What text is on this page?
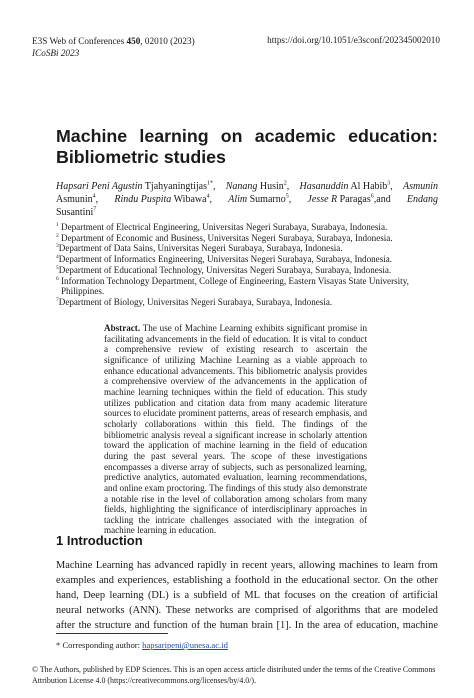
E3S Web of Conferences 450, 02010 (2023)
ICoSBi 2023
https://doi.org/10.1051/e3sconf/202345002010
Machine learning on academic education:
Bibliometric studies
Hapsari Peni Agustin Tjahyaningtijas$^{1*}$, Nanang Husin$^2$, Hasanuddin Al Habib$^3$, Asmunin
Asmunin$^4$, Rindu Puspita Wibawa$^4$, Alim Sumarno$^5$, Jesse R Paragas$^6$,and Endang
Susantini$^7$
$^1$ Department of Electrical Engineering, Universitas Negeri Surabaya, Surabaya, Indonesia.
$^2$ Department of Economic and Business, Universitas Negeri Surabaya, Surabaya, Indonesia.
$^3$Department of Data Sains, Universitas Negeri Surabaya, Surabaya, Indonesia.
$^4$Department of Informatics Engineering, Universitas Negeri Surabaya, Surabaya, Indonesia.
$^5$Department of Educational Technology, Universitas Negeri Surabaya, Surabaya, Indonesia.
$^6$ Information Technology Department, College of Engineering, Eastern Visayas State University,
Philippines.
$^7$Department of Biology, Universitas Negeri Surabaya, Surabaya, Indonesia.
Abstract. The use of Machine Learning exhibits significant promise in facilitating advancements in the field of education. It is vital to conduct a comprehensive review of existing research to ascertain the significance of utilizing Machine Learning as a viable approach to enhance educational advancements. This bibliometric analysis provides a comprehensive overview of the advancements in the application of machine learning techniques within the field of education. This study utilizes publication and citation data from many academic literature sources to elucidate prominent patterns, areas of research emphasis, and scholarly collaborations within this field. The findings of the bibliometric analysis reveal a significant increase in scholarly attention toward the application of machine learning in the field of education during the past several years. The scope of these investigations encompasses a diverse array of subjects, such as personalized learning, predictive analytics, automated evaluation, learning recommendations, and online exam proctoring. The findings of this study also demonstrate a notable rise in the level of collaboration among scholars from many fields, highlighting the significance of interdisciplinary approaches in tackling the intricate challenges associated with the integration of machine learning in education.
1 Introduction
Machine Learning has advanced rapidly in recent years, allowing machines to learn from
examples and experiences, establishing a foothold in the educational sector. On the other
hand, Deep learning (DL) is a subfield of ML that focuses on the creation of artificial
neural networks (ANN). These networks are comprised of algorithms that are modeled
after the structure and function of the human brain [1]. In the area of education, machine
* Corresponding author: hapsaripeni@unesa.ac.id
© The Authors, published by EDP Sciences. This is an open access article distributed under the terms of the Creative Commons
Attribution License 4.0 (https://creativecommons.org/licenses/by/4.0/).
